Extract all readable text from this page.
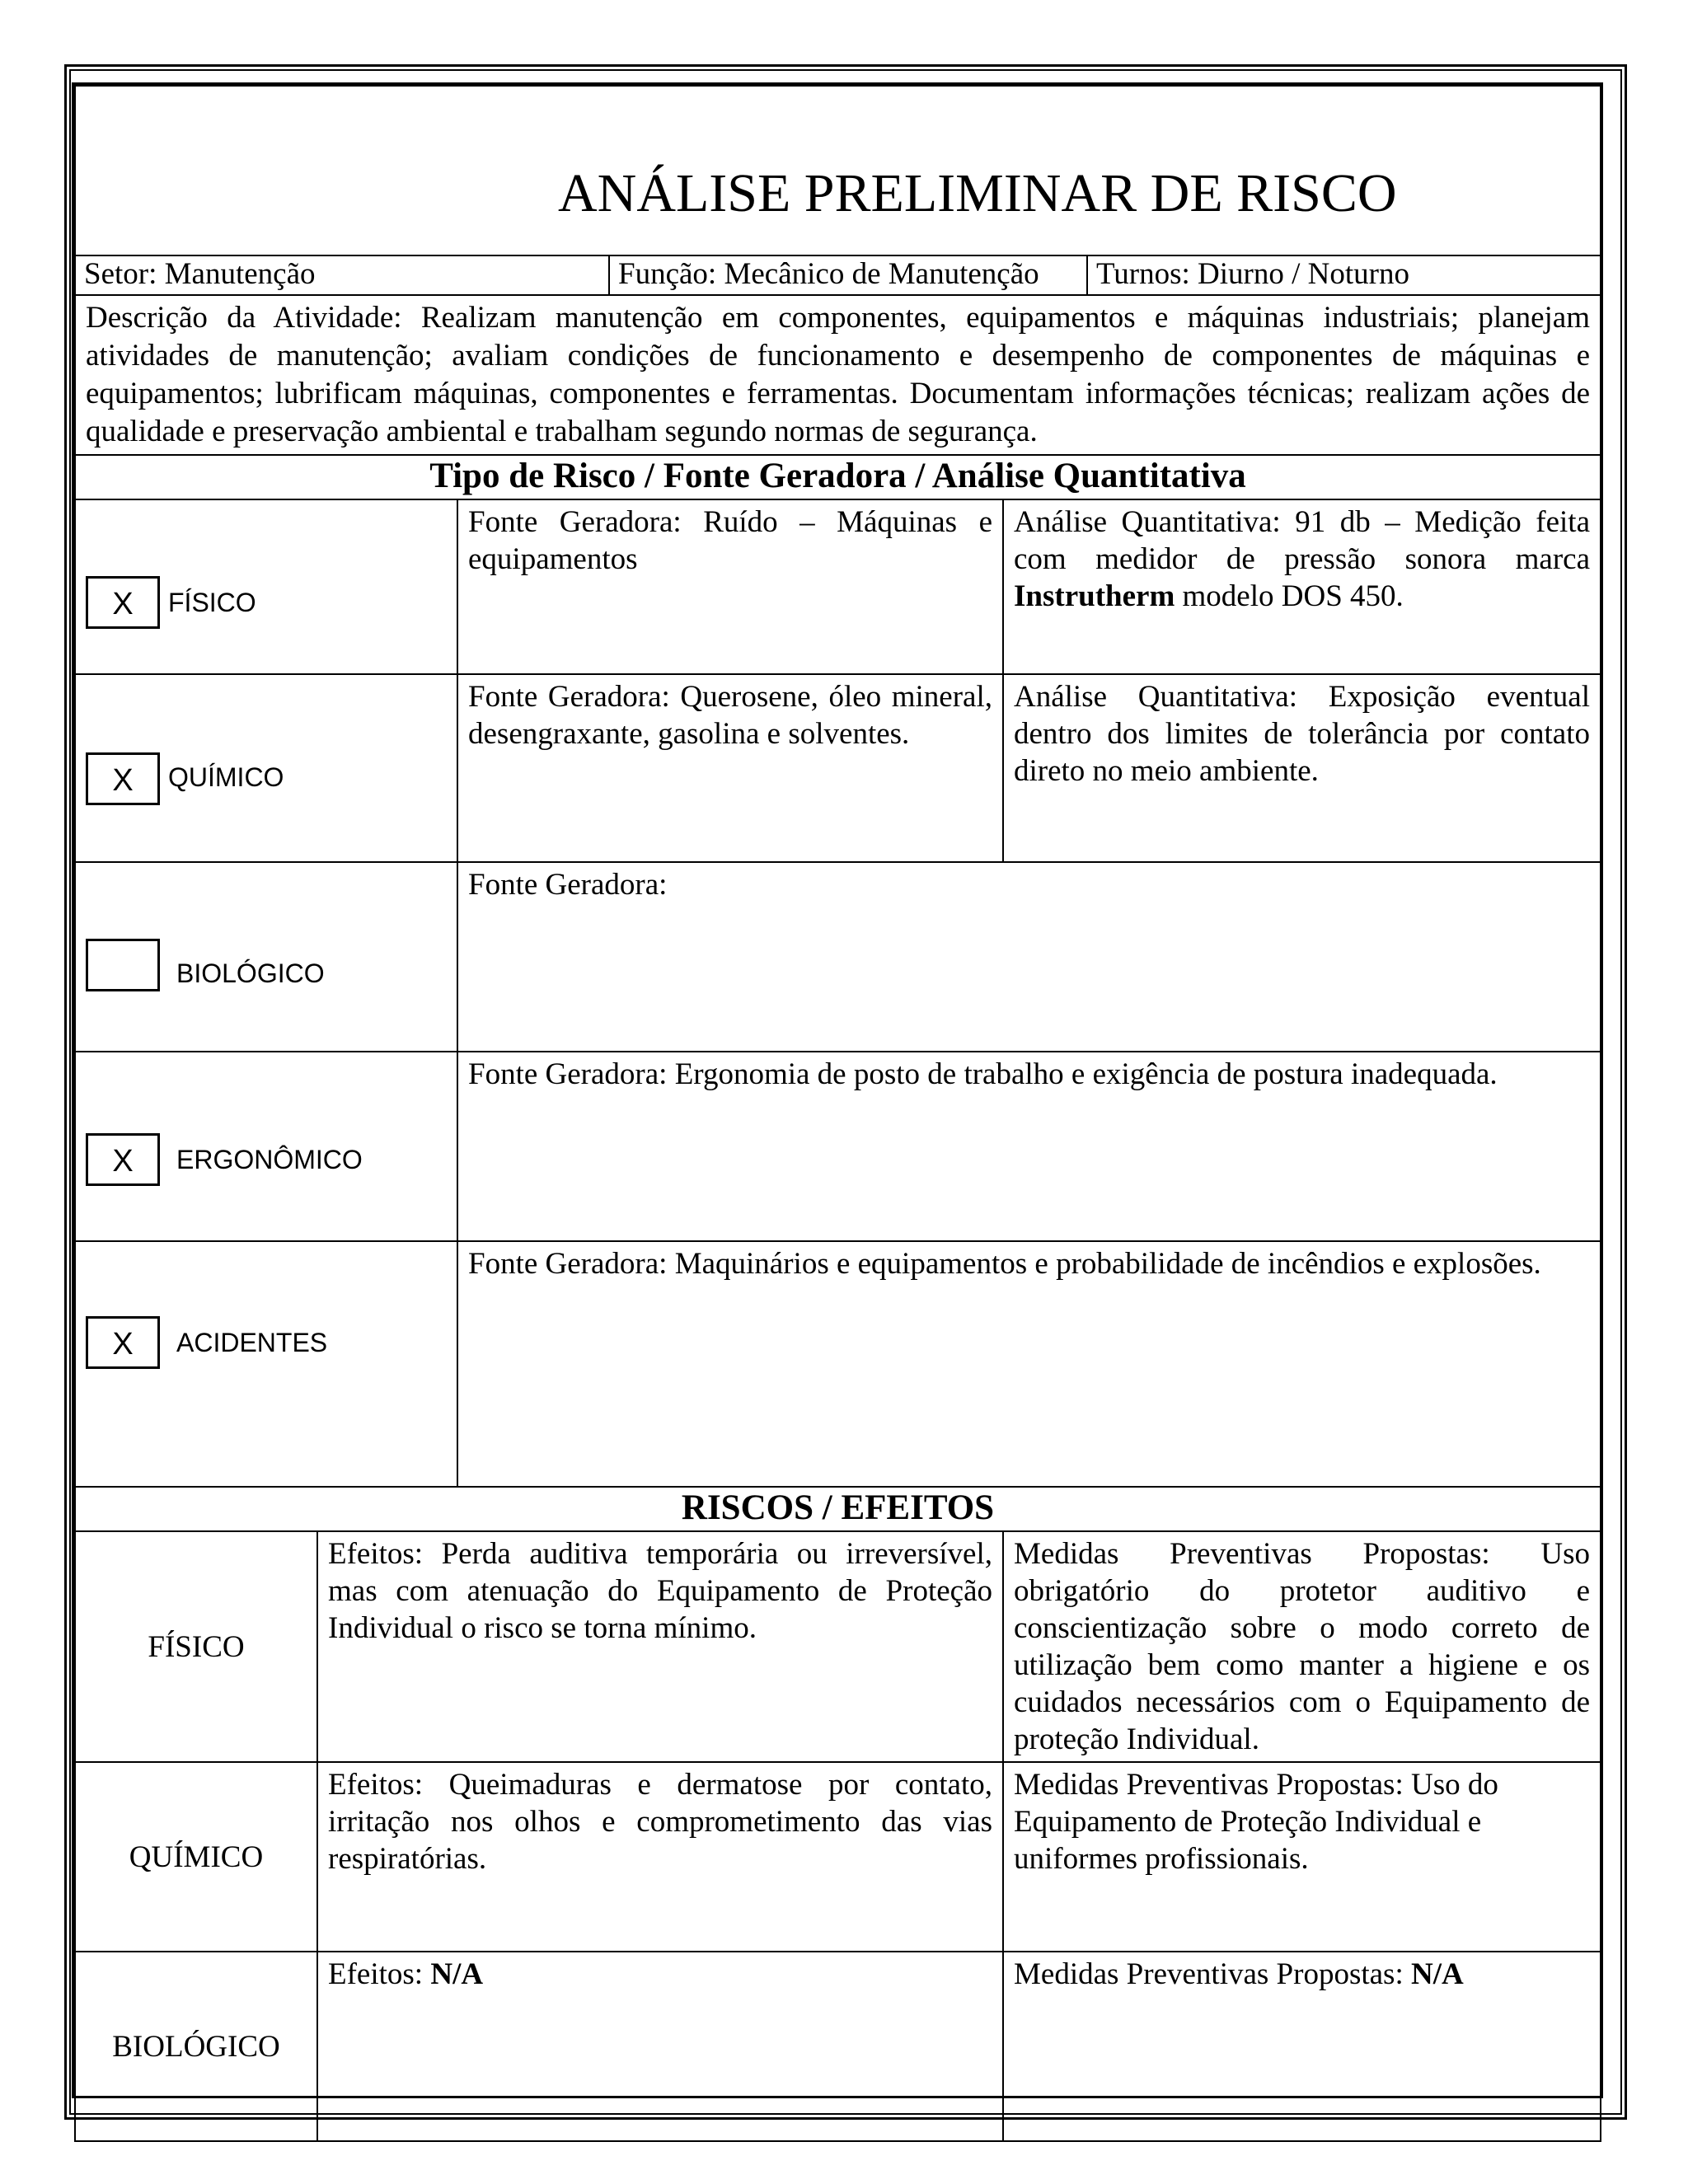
ANÁLISE PRELIMINAR DE RISCO					

Setor: Manutenção			Função: Mecânico de Manutenção		Turnos: Diurno / Noturno
Descrição da Atividade: Realizam manutenção em componentes, equipamentos e máquinas industriais; planejam atividades de manutenção; avaliam condições de funcionamento e desempenho de componentes de máquinas e equipamentos; lubrificam máquinas, componentes e ferramentas. Documentam informações técnicas; realizam ações de qualidade e preservação ambiental e trabalham segundo normas de segurança.					
Tipo de Risco / Fonte Geradora / Análise Quantitativa					

X FÍSICO		Fonte Geradora: Ruído – Máquinas e equipamentos		Análise Quantitativa: 91 db – Medição feita com medidor de pressão sonora marca Instrutherm modelo DOS 450.	

X QUÍMICO		Fonte Geradora: Querosene, óleo mineral, desengraxante, gasolina e solventes.		Análise Quantitativa: Exposição eventual dentro dos limites de tolerância por contato direto no meio ambiente.	

BIOLÓGICO		Fonte Geradora:			

X ERGONÔMICO		Fonte Geradora: Ergonomia de posto de trabalho e exigência de postura inadequada.			

X ACIDENTES		Fonte Geradora: Maquinários e equipamentos e probabilidade de incêndios e explosões.			
RISCOS / EFEITOS					
FÍSICO	Efeitos: Perda auditiva temporária ou irreversível, mas com atenuação do Equipamento de Proteção Individual o risco se torna mínimo.			Medidas Preventivas Propostas: Uso obrigatório do protetor auditivo e conscientização sobre o modo correto de utilização bem como manter a higiene e os cuidados necessários com o Equipamento de proteção Individual.	
QUÍMICO	Efeitos: Queimaduras e dermatose por contato, irritação nos olhos e comprometimento das vias respiratórias.			Medidas Preventivas Propostas: Uso do Equipamento de Proteção Individual e uniformes profissionais.	
BIOLÓGICO	Efeitos: N/A			Medidas Preventivas Propostas: N/A	
